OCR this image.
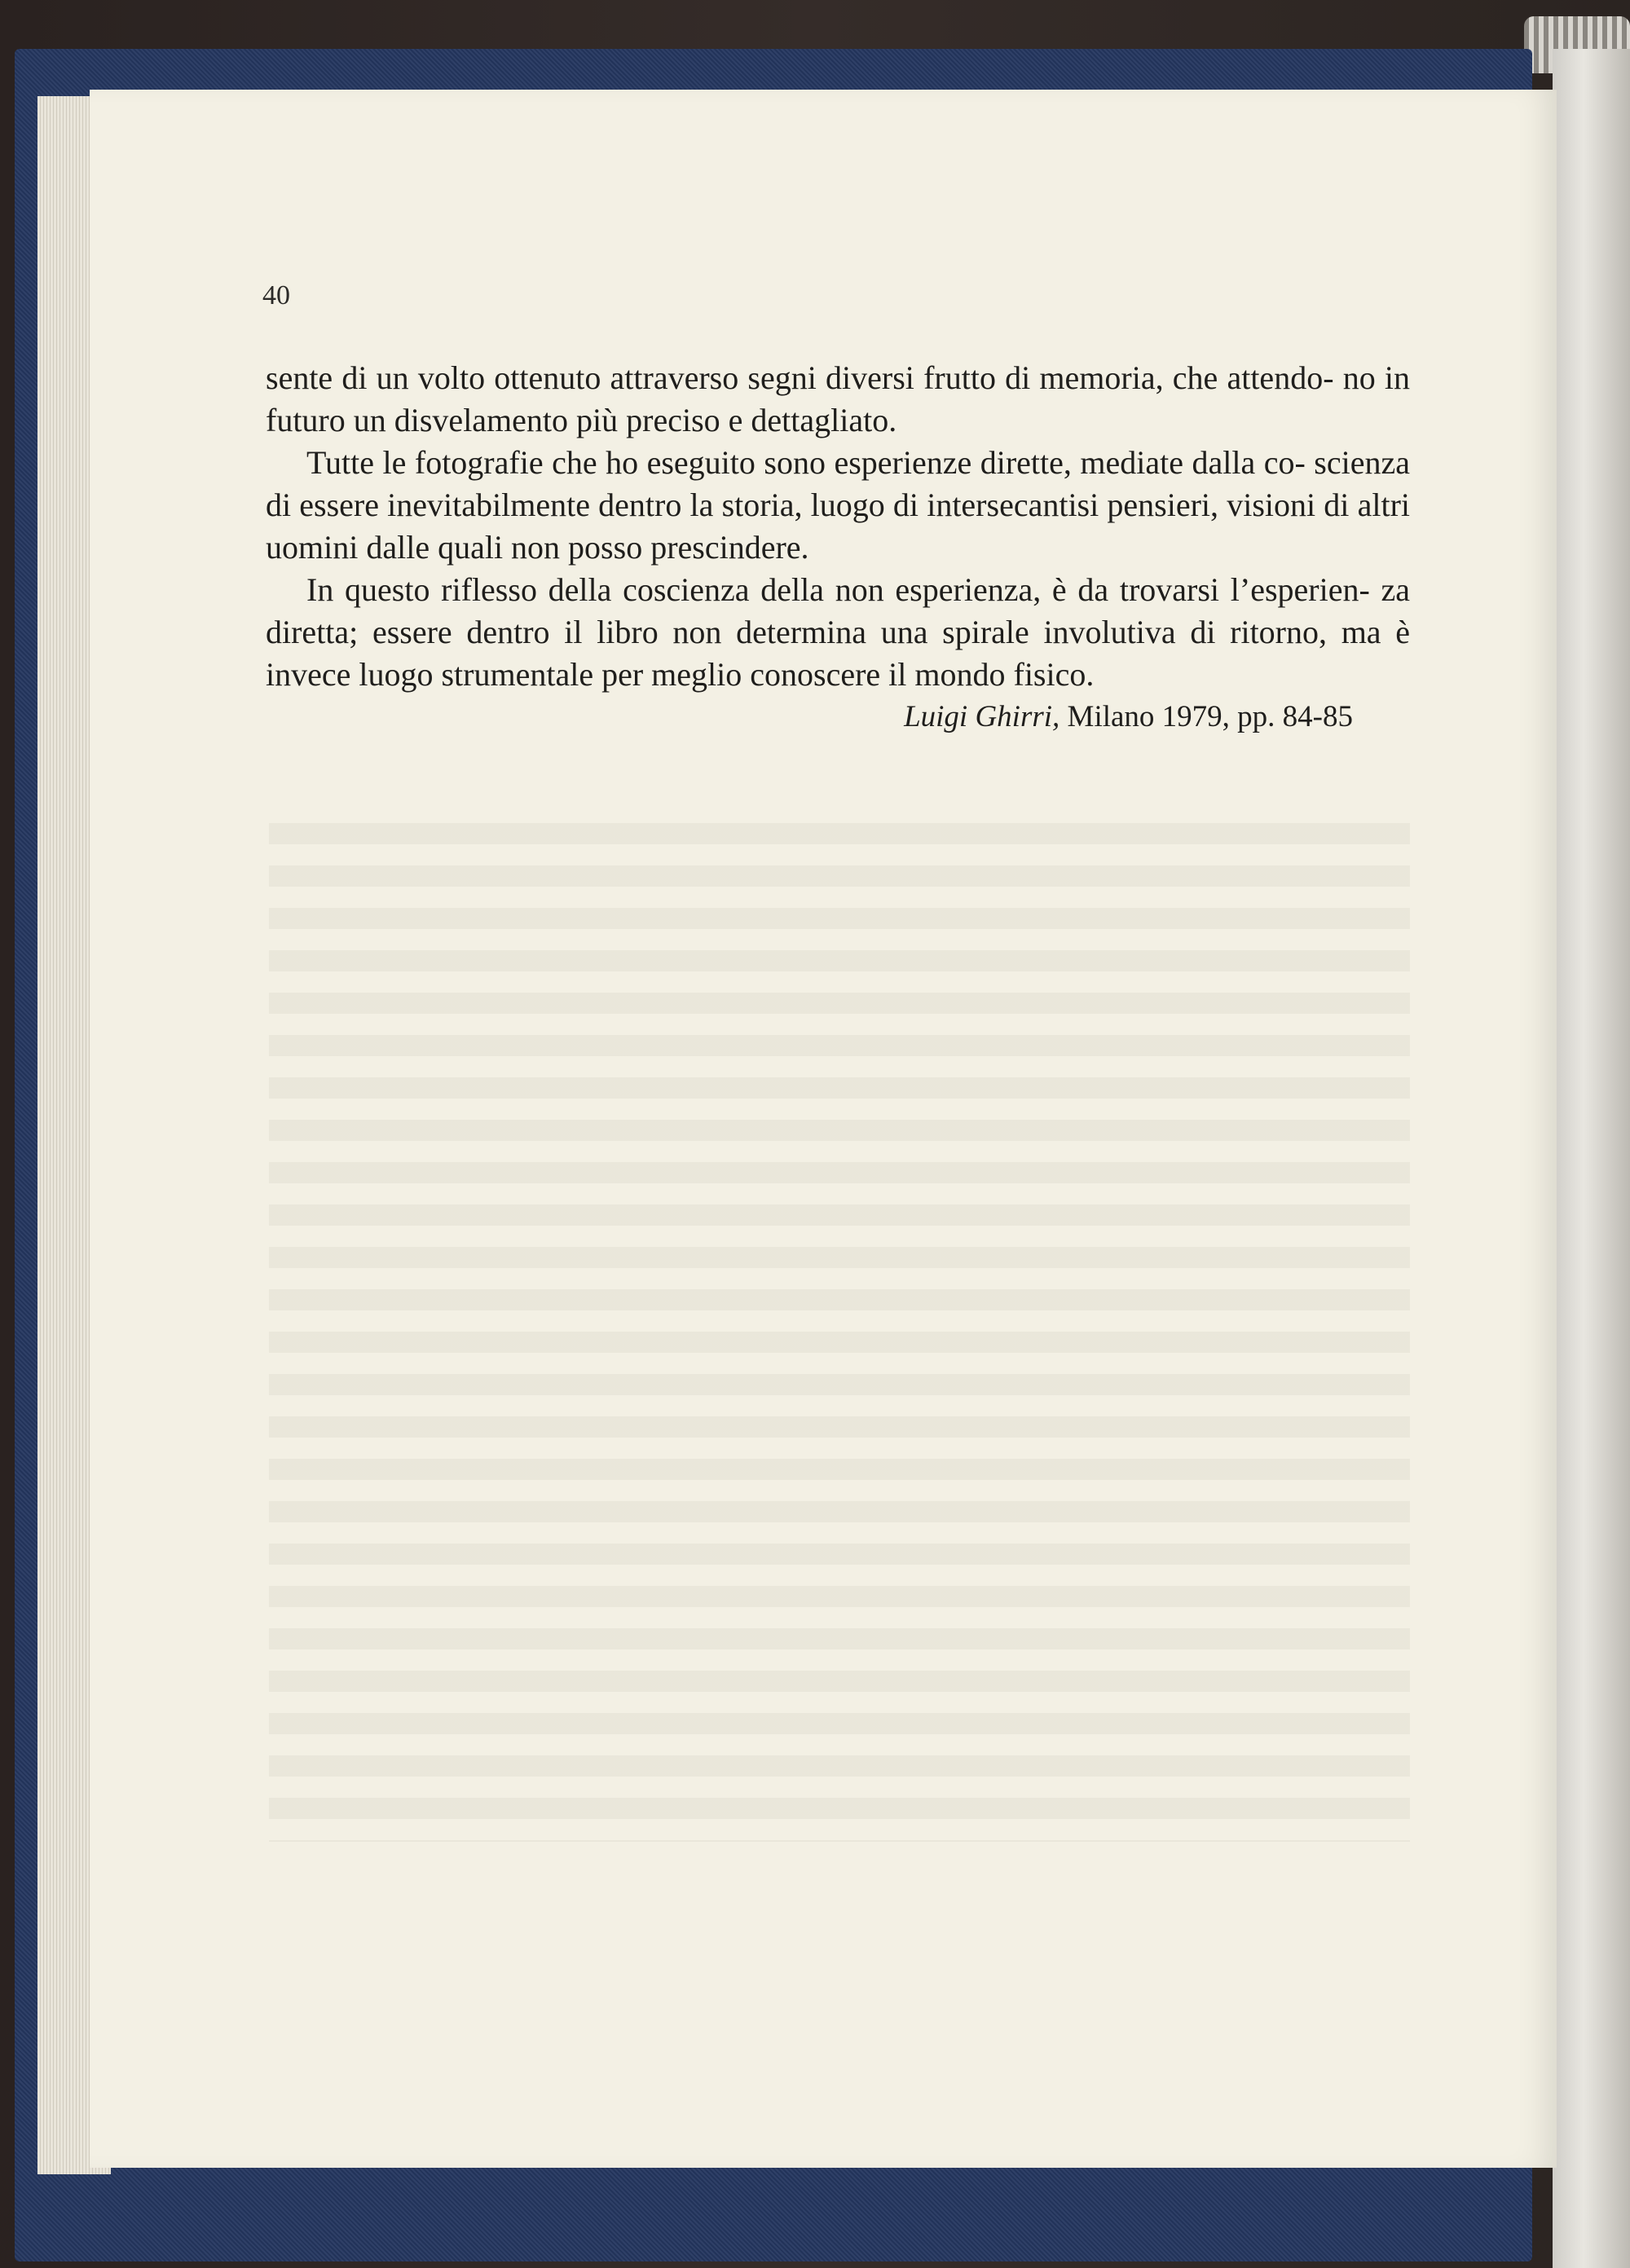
40

sente di un volto ottenuto attraverso segni diversi frutto di memoria, che attendo- no in futuro un disvelamento più preciso e dettagliato.

Tutte le fotografie che ho eseguito sono esperienze dirette, mediate dalla co- scienza di essere inevitabilmente dentro la storia, luogo di intersecantisi pensieri, visioni di altri uomini dalle quali non posso prescindere.

In questo riflesso della coscienza della non esperienza, è da trovarsi l’esperien- za diretta; essere dentro il libro non determina una spirale involutiva di ritorno, ma è invece luogo strumentale per meglio conoscere il mondo fisico.

Luigi Ghirri, Milano 1979, pp. 84-85
